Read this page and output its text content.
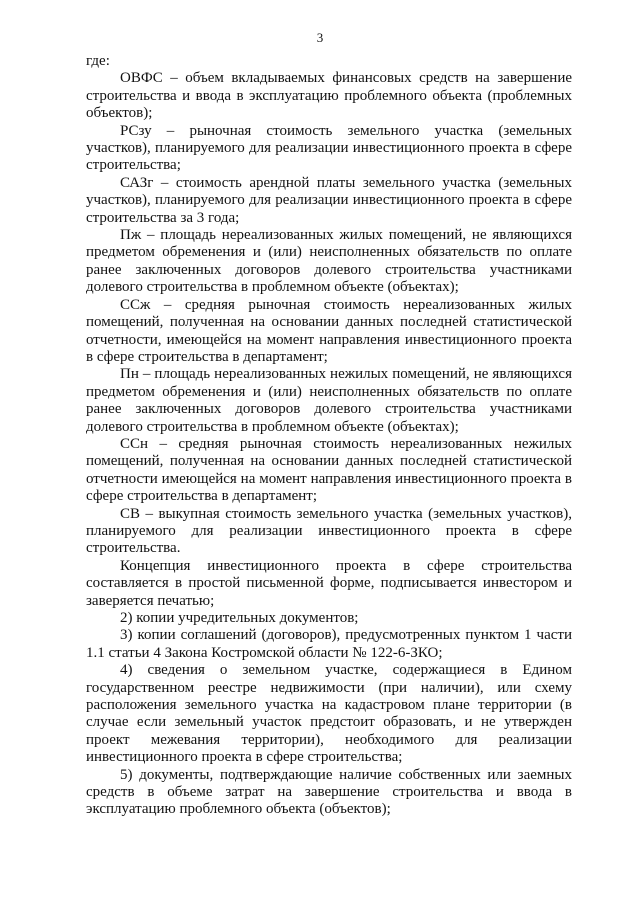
3

где:

ОВФС – объем вкладываемых финансовых средств на завершение строительства и ввода в эксплуатацию проблемного объекта (проблемных объектов);

РСзу – рыночная стоимость земельного участка (земельных участков), планируемого для реализации инвестиционного проекта в сфере строительства;

САЗг – стоимость арендной платы земельного участка (земельных участков), планируемого для реализации инвестиционного проекта в сфере строительства за 3 года;

Пж – площадь нереализованных жилых помещений, не являющихся предметом обременения и (или) неисполненных обязательств по оплате ранее заключенных договоров долевого строительства участниками долевого строительства в проблемном объекте (объектах);

ССж – средняя рыночная стоимость нереализованных жилых помещений, полученная на основании данных последней статистической отчетности, имеющейся на момент направления инвестиционного проекта в сфере строительства в департамент;

Пн – площадь нереализованных нежилых помещений, не являющихся предметом обременения и (или) неисполненных обязательств по оплате ранее заключенных договоров долевого строительства участниками долевого строительства в проблемном объекте (объектах);

ССн – средняя рыночная стоимость нереализованных нежилых помещений, полученная на основании данных последней статистической отчетности имеющейся на момент направления инвестиционного проекта в сфере строительства в департамент;

СВ – выкупная стоимость земельного участка (земельных участков), планируемого для реализации инвестиционного проекта в сфере строительства.

Концепция инвестиционного проекта в сфере строительства составляется в простой письменной форме, подписывается инвестором и заверяется печатью;

2) копии учредительных документов;

3) копии соглашений (договоров), предусмотренных пунктом 1 части 1.1 статьи 4 Закона Костромской области № 122-6-ЗКО;

4) сведения о земельном участке, содержащиеся в Едином государственном реестре недвижимости (при наличии), или схему расположения земельного участка на кадастровом плане территории (в случае если земельный участок предстоит образовать, и не утвержден проект межевания территории), необходимого для реализации инвестиционного проекта в сфере строительства;

5) документы, подтверждающие наличие собственных или заемных средств в объеме затрат на завершение строительства и ввода в эксплуатацию проблемного объекта (объектов);
